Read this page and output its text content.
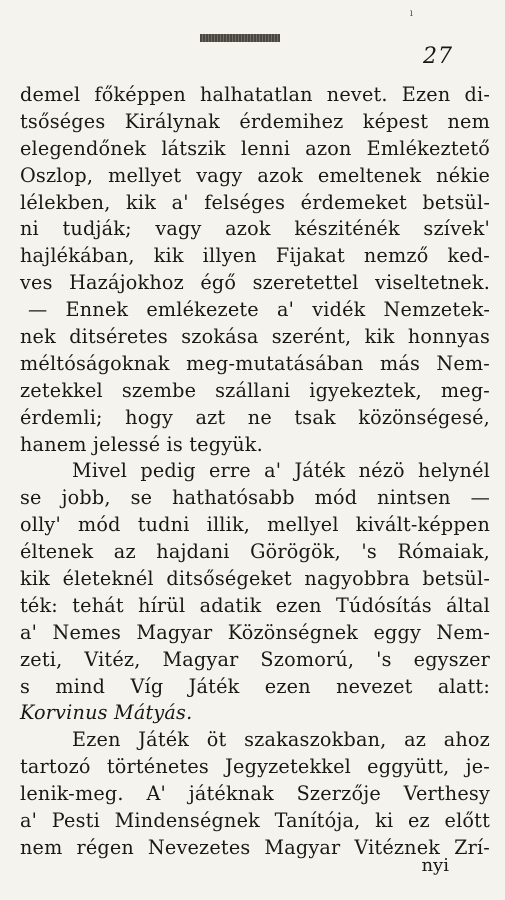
ı
27
demel főképpen halhatatlan nevet. Ezen di-
tsőséges Királynak érdemihez képest nem
elegendőnek látszik lenni azon Emlékeztető
Oszlop, mellyet vagy azok emeltenek nékie
lélekben, kik a' felséges érdemeket betsül-
ni tudják; vagy azok késziténék szívek'
hajlékában, kik illyen Fijakat nemző ked-
ves Hazájokhoz égő szeretettel viseltetnek.
— Ennek emlékezete a' vidék Nemzetek-
nek ditséretes szokása szerént, kik honnyas
méltóságoknak meg-mutatásában más Nem-
zetekkel szembe szállani igyekeztek, meg-
érdemli; hogy azt ne tsak közönségesé,
hanem jelessé is tegyük.
Mivel pedig erre a' Játék nézö helynél
se jobb, se hathatósabb mód nintsen —
olly' mód tudni illik, mellyel kivált-képpen
éltenek az hajdani Görögök, 's Rómaiak,
kik életeknél ditsőségeket nagyobbra betsül-
ték: tehát hírül adatik ezen Túdósítás által
a' Nemes Magyar Közönségnek eggy Nem-
zeti, Vitéz, Magyar Szomorú, 's egyszer
s mind Víg Játék ezen nevezet alatt:
Korvinus Mátyás.
Ezen Játék öt szakaszokban, az ahoz
tartozó történetes Jegyzetekkel eggyütt, je-
lenik-meg. A' játéknak Szerzője Verthesy
a' Pesti Mindenségnek Tanítója, ki ez előtt
nem régen Nevezetes Magyar Vitéznek Zrí-
nyi
